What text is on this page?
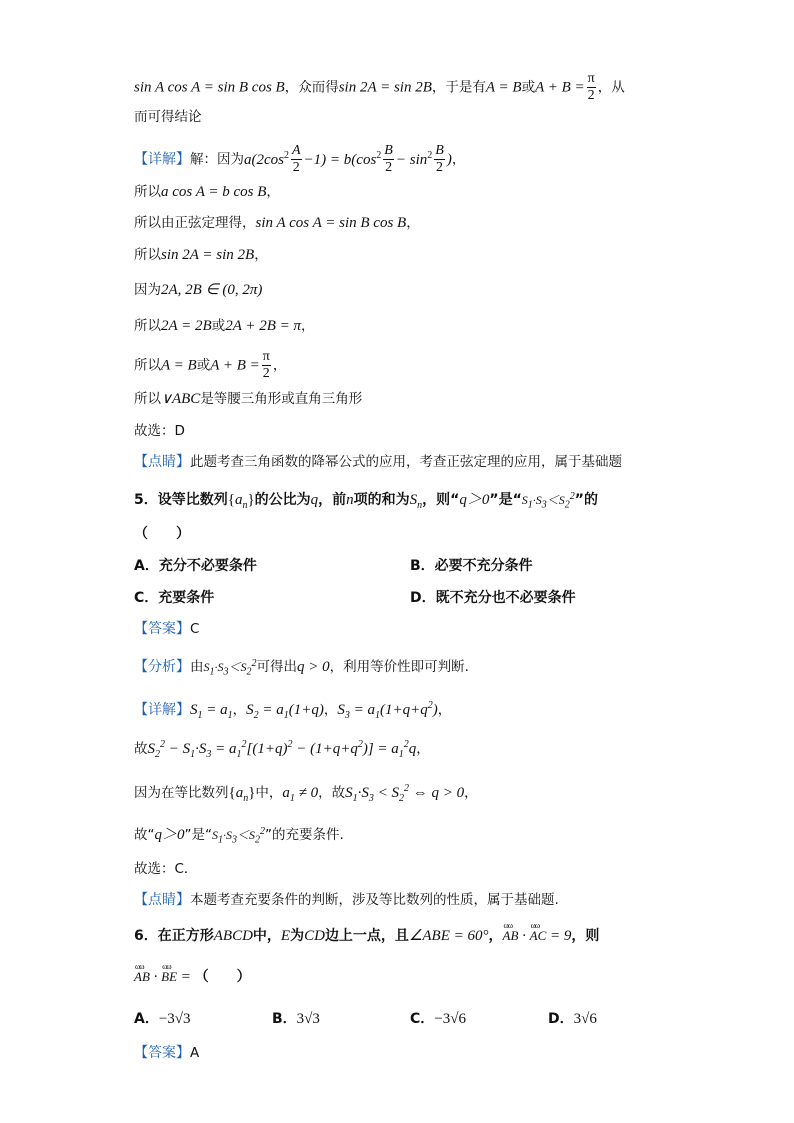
sin A cos A = sin B cos B，众而得sin 2A = sin 2B，于是有A = B或$A + B = \frac{\pi}{2}$ ，从
而可得结论
【详解】解：因为$a(2\cos^2 \frac{A}{2} -1) = b(\cos^2 \frac{B}{2} - \sin^2 \frac{B}{2}$ )，
所以a cos A = b cos B，
所以由正弦定理得，sin A cos A = sin B cos B，
所以sin 2A = sin 2B，
因为2A, 2B ∈ (0, 2π)
所以2A = 2B或2A + 2B = π，
所以A = B或$A + B = \frac{\pi}{2}$ ，
所以∨ABC是等腰三角形或直角三角形
故选：D
【点睛】此题考查三角函数的降幂公式的应用，考查正弦定理的应用，属于基础题
5．设等比数列$\{a_n\}$的公比为q，前n项的和为$S_n$，则“q＞0”是“$S_1\cdot S_3<S_2^2$”的
（　　）
A．充分不必要条件	B．必要不充分条件
C．充要条件	D．既不充分也不必要条件
【答案】C
【分析】由$S_1\cdot S_3<S_2^2$可得出q > 0，利用等价性即可判断.
【详解】$S_1 = a_1$，$S_2 = a_1(1+q)$，$S_3 = a_1(1+q+q^2)$，
故$S_2^2 - S_1\cdot S_3 = a_1^2[(1+q)^2 - (1+q+q^2)] = a_1^2q$，
因为在等比数列$\{a_n\}$中，$a_1 \ne 0$，故$S_1\cdot S_3 < S_2^2$ ⇔ q > 0，
故“q＞0”是“$S_1\cdot S_3<S_2^2$”的充要条件.
故选：C．
【点睛】本题考查充要条件的判断，涉及等比数列的性质，属于基础题.
6．在正方形ABCD中，E为CD边上一点，且∠ABE = 60°，ωω AB · ωω AC = 9，则
ωω AB · ωω BE = （　　）
A．−3√3	B．3√3	C．−3√6	D．3√6
【答案】A
